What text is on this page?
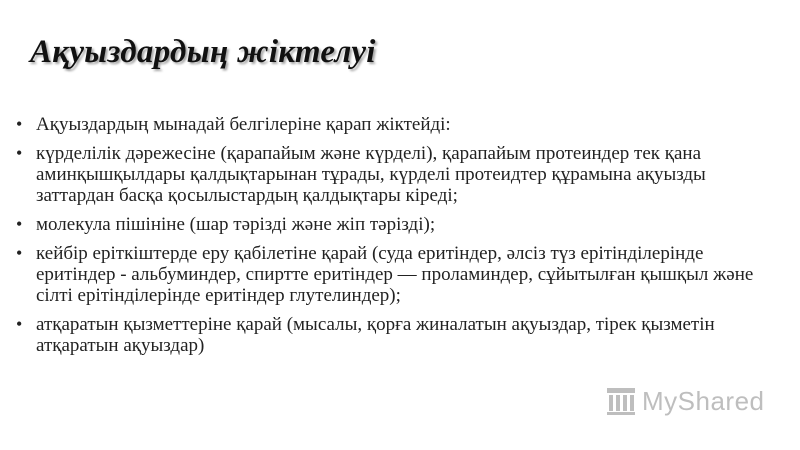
Ақуыздардың жіктелуі
• Ақуыздардың мынадай белгілеріне қарап жіктейді:
• күрделілік дәрежесіне (қарапайым және күрделі), қарапайым протеиндер тек қана аминқышқылдары қалдықтарынан тұрады, күрделі протеидтер құрамына ақуызды заттардан басқа қосылыстардың қалдықтары кіреді;
• молекула пішініне (шар тәрізді және жіп тәрізді);
• кейбір еріткіштерде еру қабілетіне қарай (суда еритіндер, әлсіз түз ерітінділерінде еритіндер - альбуминдер, спиртте еритіндер — проламиндер, сұйытылған қышқыл және сілті ерітінділерінде еритіндер глутелиндер);
• атқаратын қызметтеріне қарай (мысалы, қорға жиналатын ақуыздар, тірек қызметін атқаратын ақуыздар)
MyShared
